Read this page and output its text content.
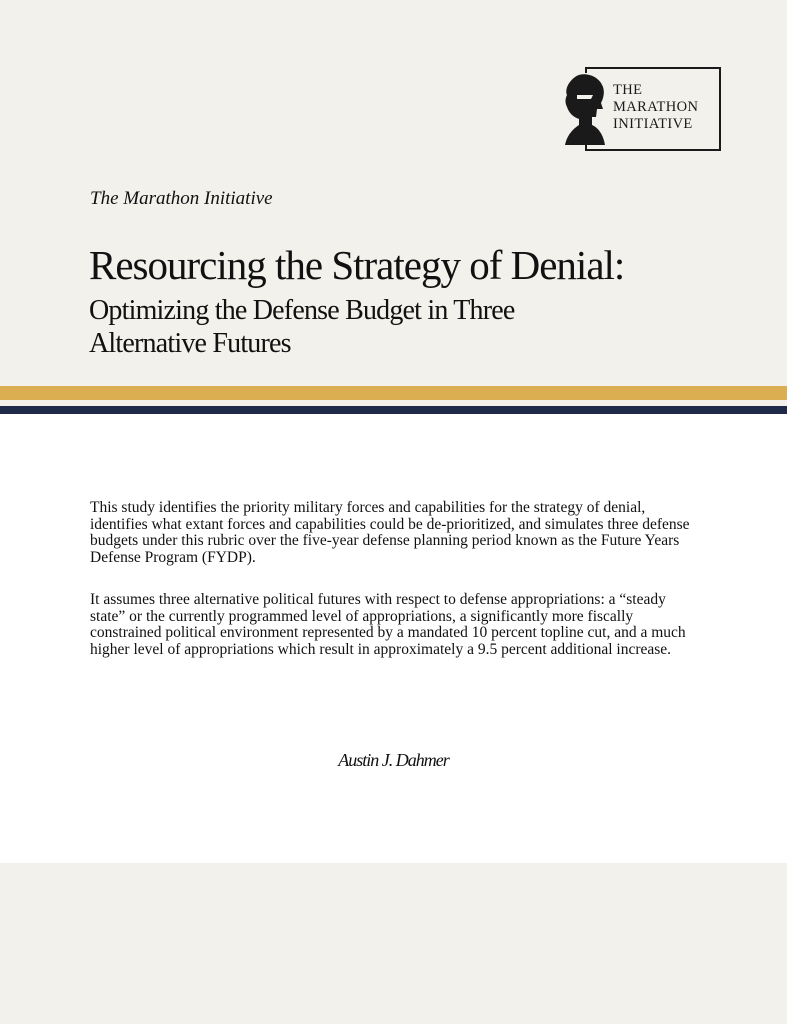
THE
MARATHON
INITIATIVE
The Marathon Initiative
Resourcing the Strategy of Denial:
Optimizing the Defense Budget in Three Alternative Futures

This study identifies the priority military forces and capabilities for the strategy of denial, identifies what extant forces and capabilities could be de-prioritized, and simulates three defense budgets under this rubric over the five-year defense planning period known as the Future Years Defense Program (FYDP).

It assumes three alternative political futures with respect to defense appropriations: a “steady state” or the currently programmed level of appropriations, a significantly more fiscally constrained political environment represented by a mandated 10 percent topline cut, and a much higher level of appropriations which result in approximately a 9.5 percent additional increase.

Austin J. Dahmer
